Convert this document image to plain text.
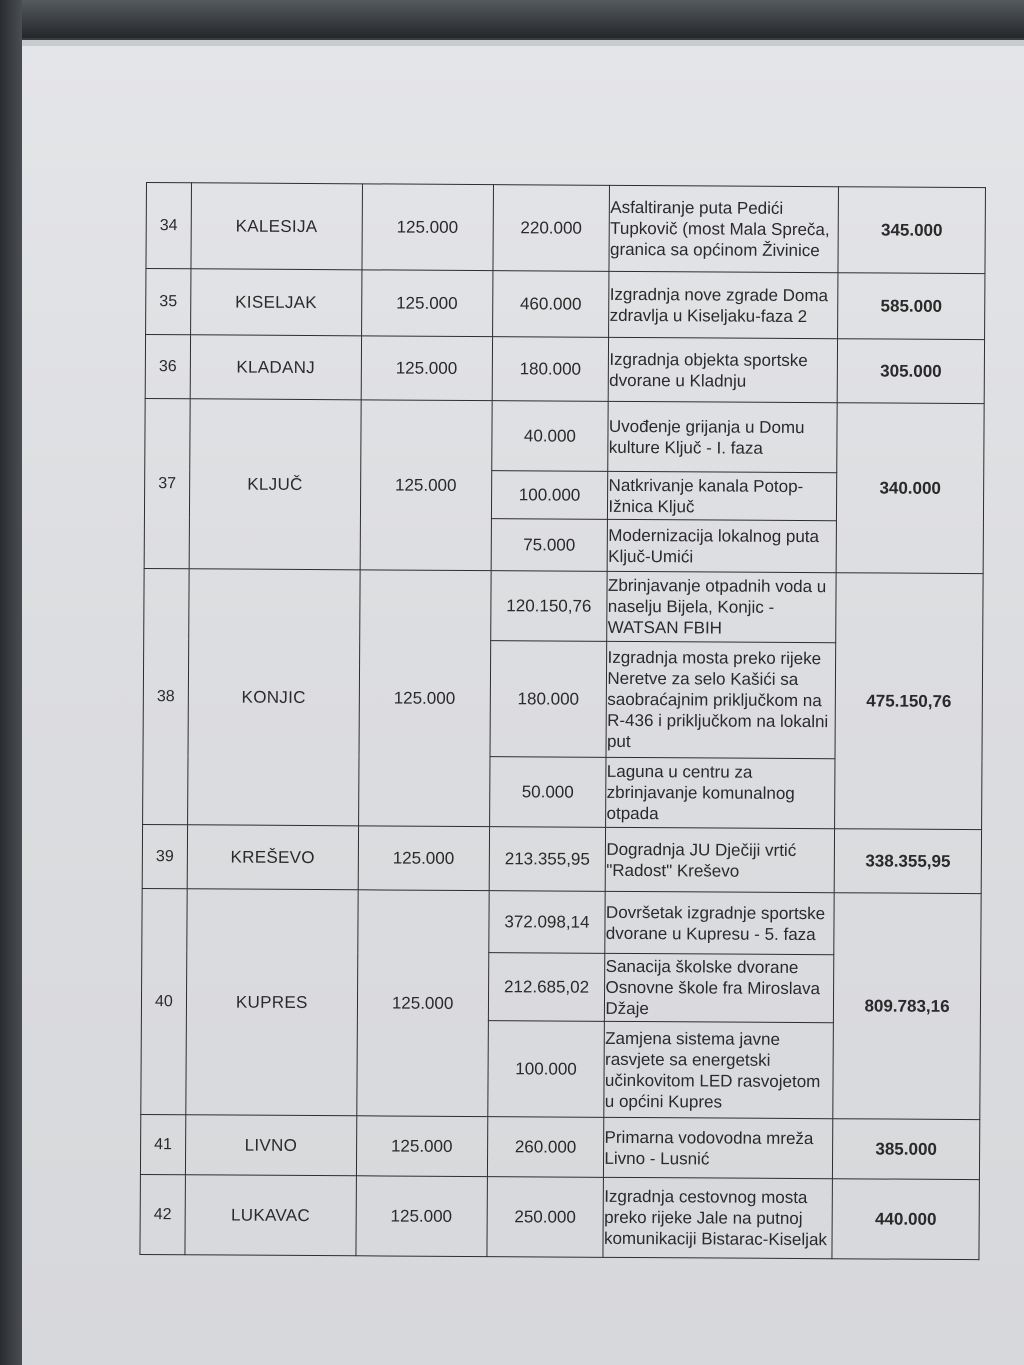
34	KALESIJA	125.000	220.000	Asfaltiranje puta Pedići Tupkovič (most Mala Spreča, granica sa općinom Živinice	345.000
35	KISELJAK	125.000	460.000	Izgradnja nove zgrade Doma zdravlja u Kiseljaku-faza 2	585.000
36	KLADANJ	125.000	180.000	Izgradnja objekta sportske dvorane u Kladnju	305.000
37	KLJUČ	125.000	40.000	Uvođenje grijanja u Domu kulture Ključ - I. faza	340.000
			100.000	Natkrivanje kanala Potop-Ižnica Ključ	
			75.000	Modernizacija lokalnog puta Ključ-Umići	
38	KONJIC	125.000	120.150,76	Zbrinjavanje otpadnih voda u naselju Bijela, Konjic - WATSAN FBIH	475.150,76
			180.000	Izgradnja mosta preko rijeke Neretve za selo Kašići sa saobraćajnim priključkom na R-436 i priključkom na lokalni put	
			50.000	Laguna u centru za zbrinjavanje komunalnog otpada	
39	KREŠEVO	125.000	213.355,95	Dogradnja JU Dječiji vrtić "Radost" Kreševo	338.355,95
40	KUPRES	125.000	372.098,14	Dovršetak izgradnje sportske dvorane u Kupresu - 5. faza	809.783,16
			212.685,02	Sanacija školske dvorane Osnovne škole fra Miroslava Džaje	
			100.000	Zamjena sistema javne rasvjete sa energetski učinkovitom LED rasvojetom u općini Kupres	
41	LIVNO	125.000	260.000	Primarna vodovodna mreža Livno - Lusnić	385.000
42	LUKAVAC	125.000	250.000	Izgradnja cestovnog mosta preko rijeke Jale na putnoj komunikaciji Bistarac-Kiseljak	440.000
